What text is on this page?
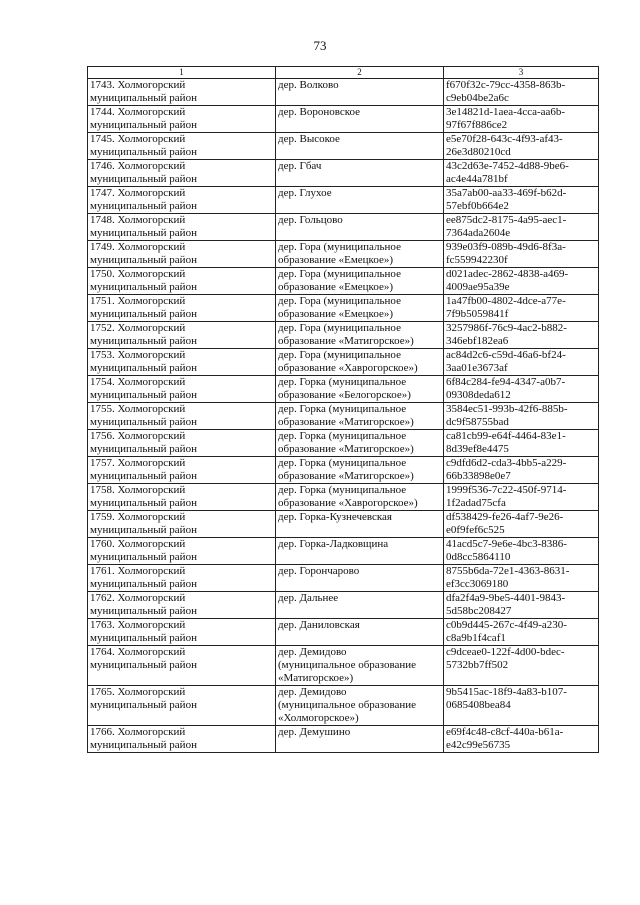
73
1	2	3

1743. Холмогорский
муниципальный район	дер. Волково	f670f32c-79cc-4358-863b-
c9eb04be2a6c

1744. Холмогорский
муниципальный район	дер. Вороновское	3e14821d-1aea-4cca-aa6b-
97f67f886ce2

1745. Холмогорский
муниципальный район	дер. Высокое	e5e70f28-643c-4f93-af43-
26e3d80210cd

1746. Холмогорский
муниципальный район	дер. Гбач	43c2d63e-7452-4d88-9be6-
ac4e44a781bf

1747. Холмогорский
муниципальный район	дер. Глухое	35a7ab00-aa33-469f-b62d-
57ebf0b664e2

1748. Холмогорский
муниципальный район	дер. Гольцово	ee875dc2-8175-4a95-aec1-
7364ada2604e

1749. Холмогорский
муниципальный район	дер. Гора (муниципальное
образование «Емецкое»)	939e03f9-089b-49d6-8f3a-
fc559942230f

1750. Холмогорский
муниципальный район	дер. Гора (муниципальное
образование «Емецкое»)	d021adec-2862-4838-a469-
4009ae95a39e

1751. Холмогорский
муниципальный район	дер. Гора (муниципальное
образование «Емецкое»)	1a47fb00-4802-4dce-a77e-
7f9b5059841f

1752. Холмогорский
муниципальный район	дер. Гора (муниципальное
образование «Матигорское»)	3257986f-76c9-4ac2-b882-
346ebf182ea6

1753. Холмогорский
муниципальный район	дер. Гора (муниципальное
образование «Хаврогорское»)	ac84d2c6-c59d-46a6-bf24-
3aa01e3673af

1754. Холмогорский
муниципальный район	дер. Горка (муниципальное
образование «Белогорское»)	6f84c284-fe94-4347-a0b7-
09308deda612

1755. Холмогорский
муниципальный район	дер. Горка (муниципальное
образование «Матигорское»)	3584ec51-993b-42f6-885b-
dc9f58755bad

1756. Холмогорский
муниципальный район	дер. Горка (муниципальное
образование «Матигорское»)	ca81cb99-e64f-4464-83e1-
8d39ef8e4475

1757. Холмогорский
муниципальный район	дер. Горка (муниципальное
образование «Матигорское»)	c9dfd6d2-cda3-4bb5-a229-
66b33898e0e7

1758. Холмогорский
муниципальный район	дер. Горка (муниципальное
образование «Хаврогорское»)	1999f536-7c22-450f-9714-
1f2adad75cfa

1759. Холмогорский
муниципальный район	дер. Горка-Кузнечевская	df538429-fe26-4af7-9e26-
e0f9fef6c525

1760. Холмогорский
муниципальный район	дер. Горка-Ладковщина	41acd5c7-9e6e-4bc3-8386-
0d8cc5864110

1761. Холмогорский
муниципальный район	дер. Горончарово	8755b6da-72e1-4363-8631-
ef3cc3069180

1762. Холмогорский
муниципальный район	дер. Дальнее	dfa2f4a9-9be5-4401-9843-
5d58bc208427

1763. Холмогорский
муниципальный район	дер. Даниловская	c0b9d445-267c-4f49-a230-
c8a9b1f4caf1

1764. Холмогорский
муниципальный район	дер. Демидово
(муниципальное образование
«Матигорское»)	c9dceae0-122f-4d00-bdec-
5732bb7ff502

1765. Холмогорский
муниципальный район	дер. Демидово
(муниципальное образование
«Холмогорское»)	9b5415ac-18f9-4a83-b107-
0685408bea84

1766. Холмогорский
муниципальный район	дер. Демушино	e69f4c48-c8cf-440a-b61a-
e42c99e56735
